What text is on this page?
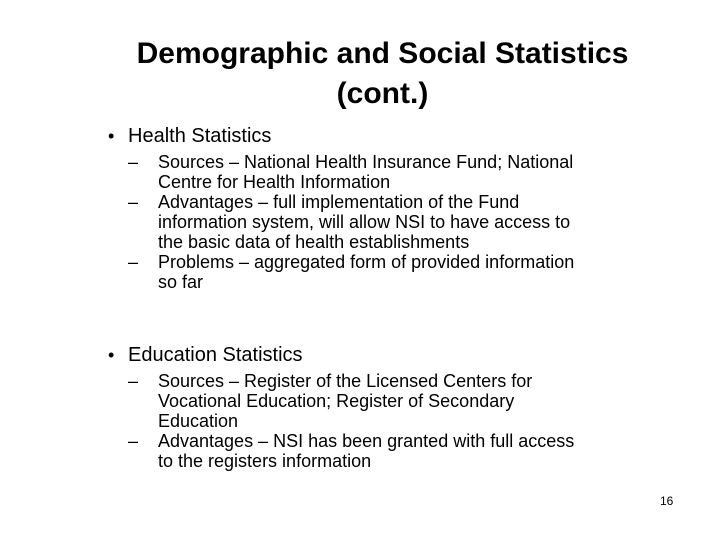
Demographic and Social Statistics
(cont.)

• Health Statistics

– Sources – National Health Insurance Fund; National
Centre for Health Information
– Advantages – full implementation of the Fund
information system, will allow NSI to have access to
the basic data of health establishments
– Problems – aggregated form of provided information
so far

• Education Statistics

– Sources – Register of the Licensed Centers for
Vocational Education; Register of Secondary
Education
– Advantages – NSI has been granted with full access
to the registers information
16
